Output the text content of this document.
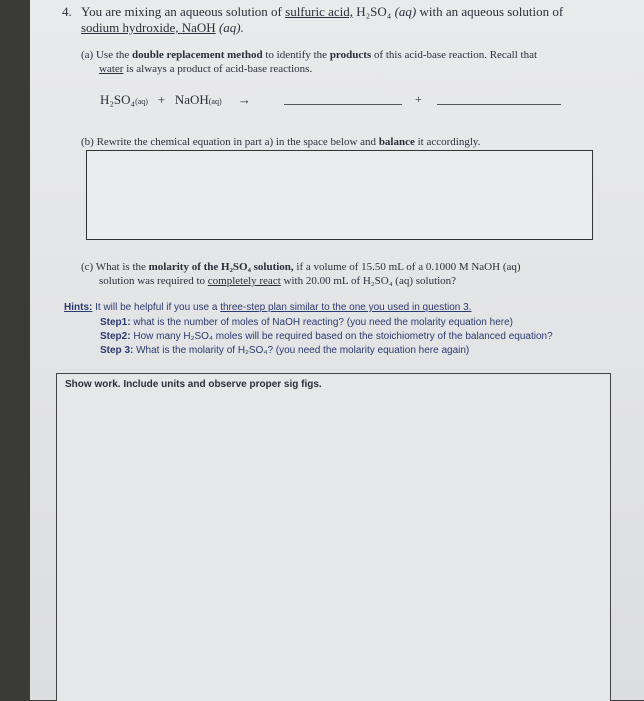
4. You are mixing an aqueous solution of sulfuric acid, H₂SO₄ (aq) with an aqueous solution of
sodium hydroxide, NaOH (aq).
(a) Use the double replacement method to identify the products of this acid-base reaction. Recall that
water is always a product of acid-base reactions.
H₂SO₄(aq) + NaOH(aq) →	+
(b) Rewrite the chemical equation in part a) in the space below and balance it accordingly.
(c) What is the molarity of the H₂SO₄ solution, if a volume of 15.50 mL of a 0.1000 M NaOH (aq)
solution was required to completely react with 20.00 mL of H₂SO₄ (aq) solution?
Hints: It will be helpful if you use a three-step plan similar to the one you used in question 3.
Step1: what is the number of moles of NaOH reacting? (you need the molarity equation here)
Step2: How many H₂SO₄ moles will be required based on the stoichiometry of the balanced equation?
Step 3: What is the molarity of H₂SO₄? (you need the molarity equation here again)
Show work. Include units and observe proper sig figs.
